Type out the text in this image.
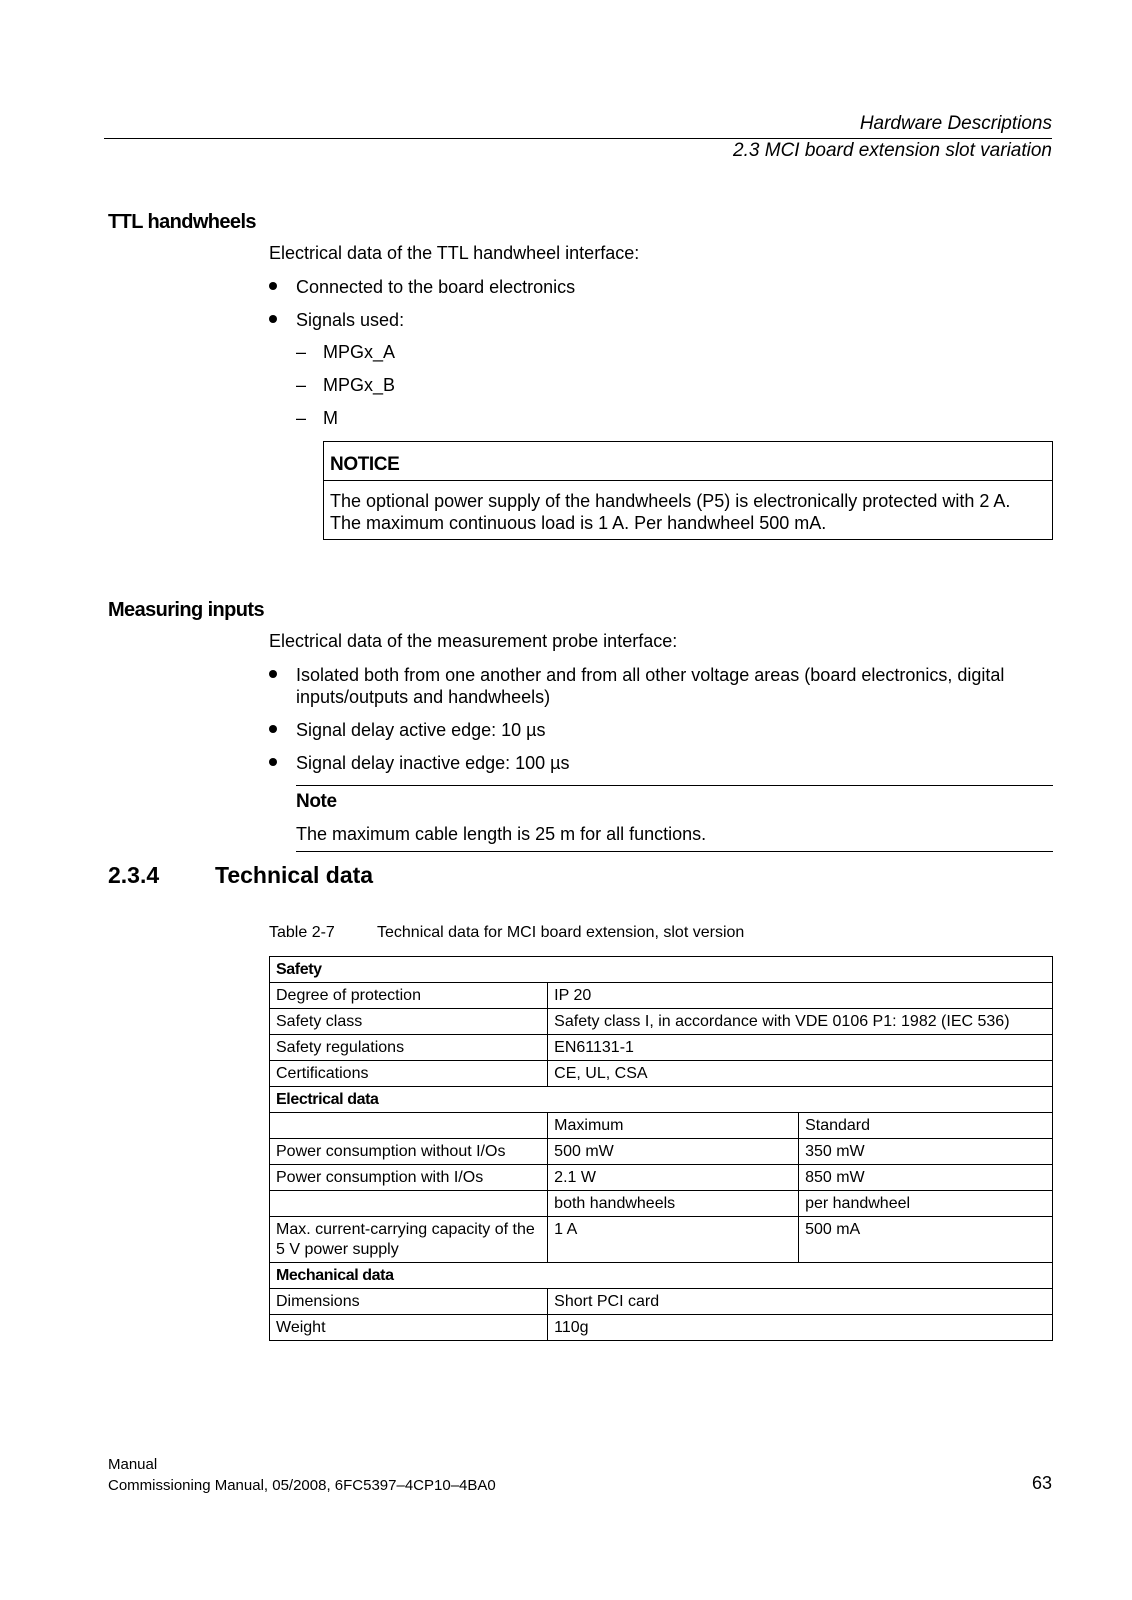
Hardware Descriptions
2.3 MCI board extension slot variation
TTL handwheels
Electrical data of the TTL handwheel interface:
Connected to the board electronics
Signals used:
– MPGx_A
– MPGx_B
– M
NOTICE
The optional power supply of the handwheels (P5) is electronically protected with 2 A. The maximum continuous load is 1 A. Per handwheel 500 mA.
Measuring inputs
Electrical data of the measurement probe interface:
Isolated both from one another and from all other voltage areas (board electronics, digital inputs/outputs and handwheels)
Signal delay active edge: 10 µs
Signal delay inactive edge: 100 µs
Note
The maximum cable length is 25 m for all functions.
2.3.4 Technical data
Table 2-7	Technical data for MCI board extension, slot version
Safety		
Degree of protection	IP 20	
Safety class	Safety class I, in accordance with VDE 0106 P1: 1982 (IEC 536)	
Safety regulations	EN61131-1	
Certifications	CE, UL, CSA	
Electrical data		
	Maximum	Standard
Power consumption without I/Os	500 mW	350 mW
Power consumption with I/Os	2.1 W	850 mW
	both handwheels	per handwheel
Max. current-carrying capacity of the 5 V power supply	1 A	500 mA
Mechanical data		
Dimensions	Short PCI card	
Weight	110g	
Manual
Commissioning Manual, 05/2008, 6FC5397–4CP10–4BA0	63
